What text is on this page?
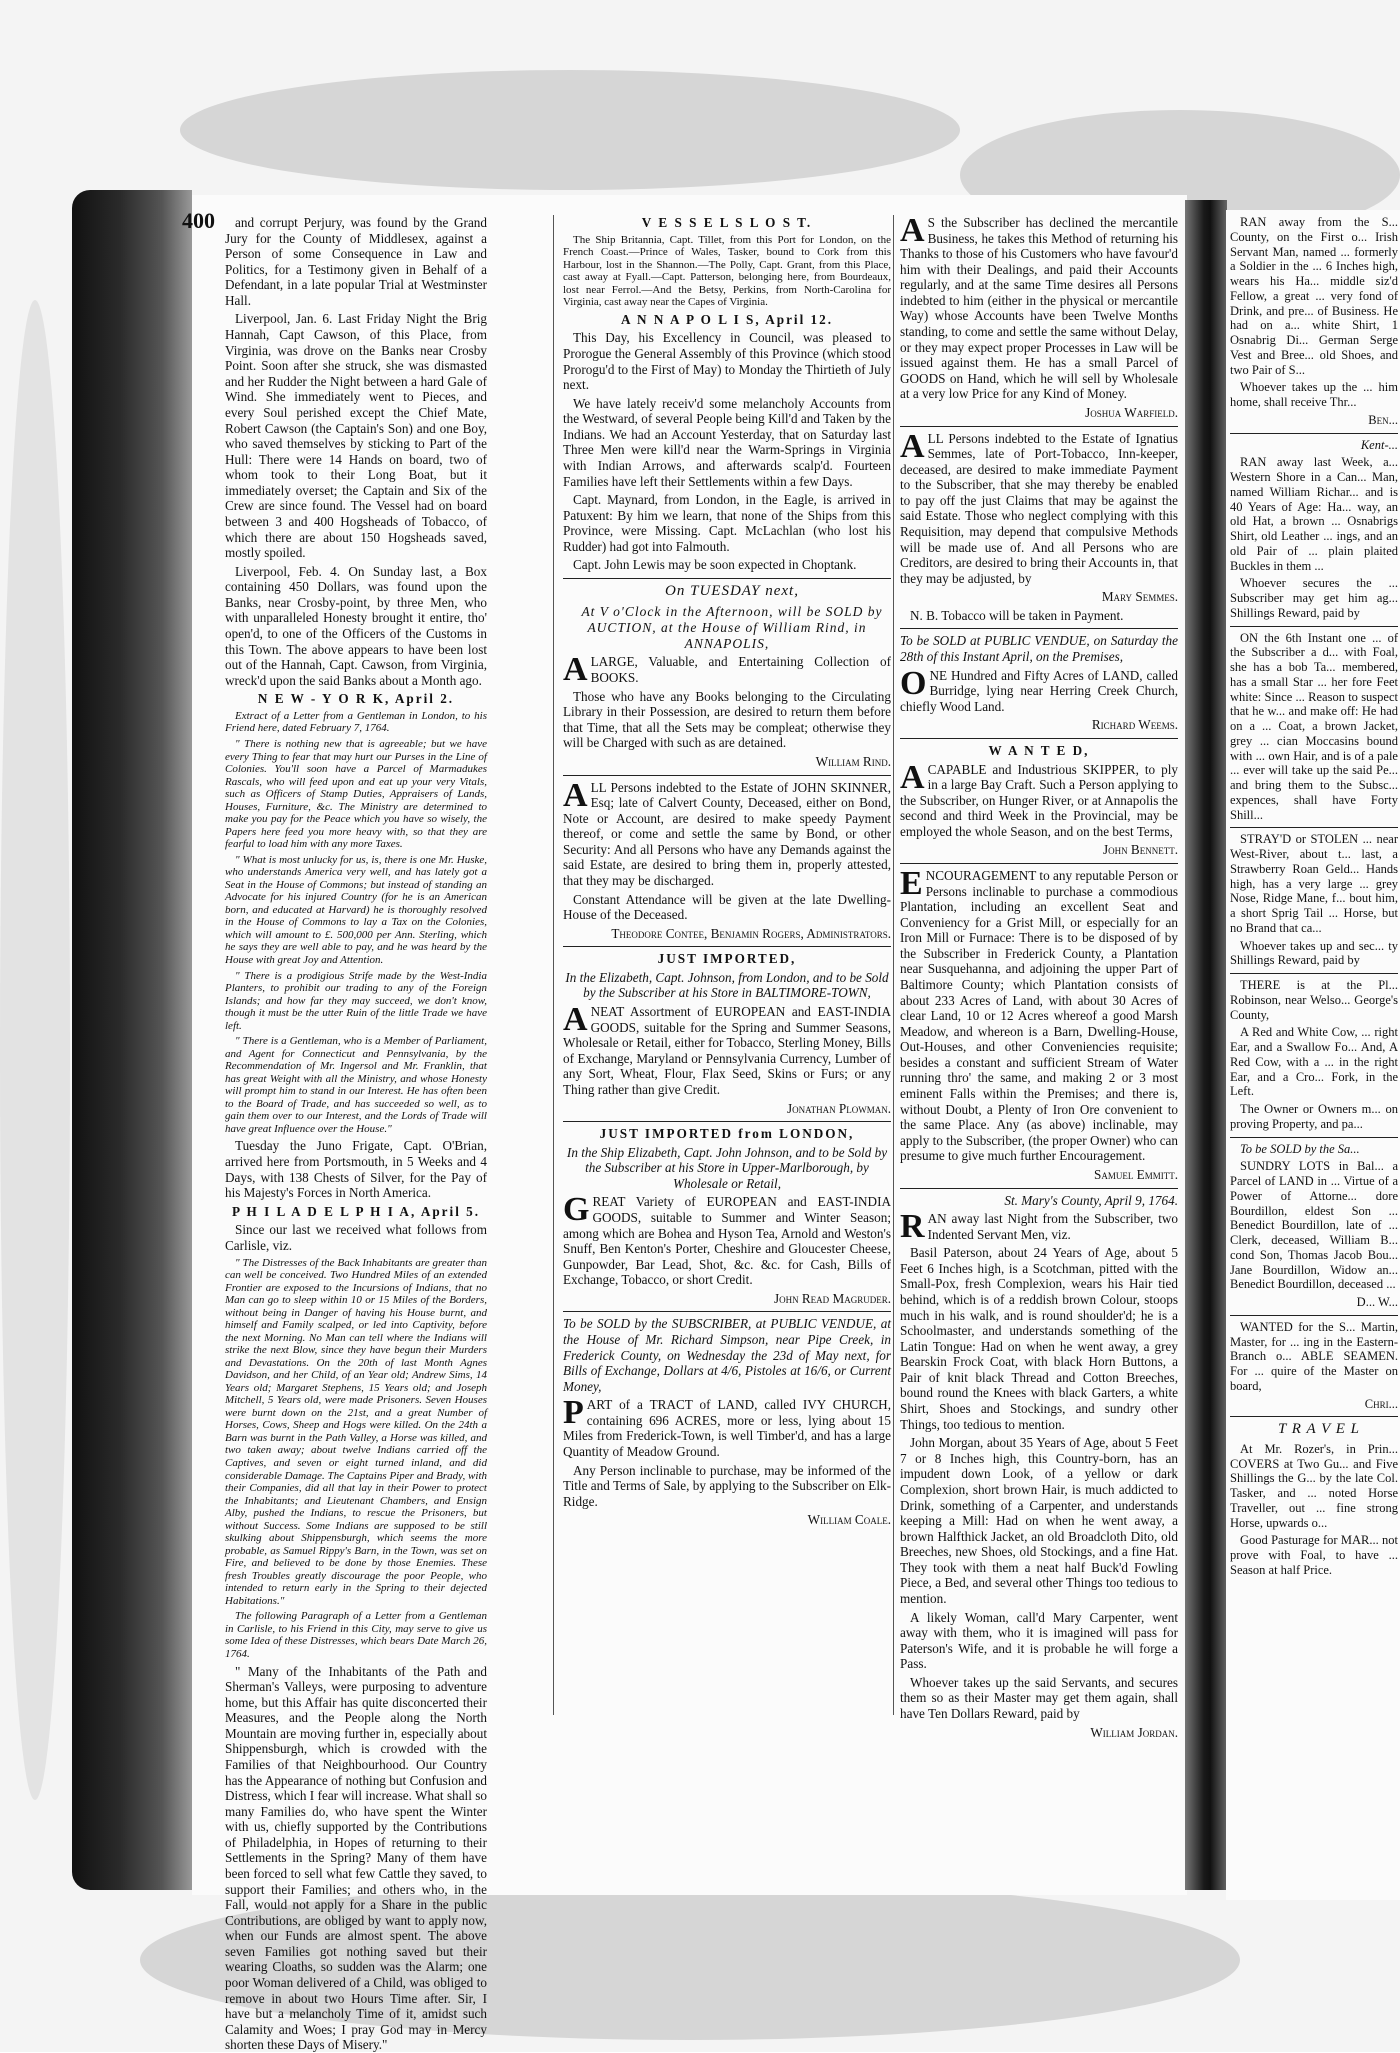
400	and corrupt Perjury, was found by the Grand Jury for the County of Middlesex, against a Person of some Consequence in Law and Politics, for a Testimony given in Behalf of a Defendant, in a late popular Trial at Westminster Hall.

Liverpool, Jan. 6. Last Friday Night the Brig Hannah, Capt Cawson, of this Place, from Virginia, was drove on the Banks near Crosby Point. Soon after she struck, she was dismasted and her Rudder the Night between a hard Gale of Wind. She immediately went to Pieces, and every Soul perished except the Chief Mate, Robert Cawson (the Captain's Son) and one Boy, who saved themselves by sticking to Part of the Hull: There were 14 Hands on board, two of whom took to their Long Boat, but it immediately overset; the Captain and Six of the Crew are since found. The Vessel had on board between 3 and 400 Hogsheads of Tobacco, of which there are about 150 Hogsheads saved, mostly spoiled.

Liverpool, Feb. 4. On Sunday last, a Box containing 450 Dollars, was found upon the Banks, near Crosby-point, by three Men, who with unparalleled Honesty brought it entire, tho' open'd, to one of the Officers of the Customs in this Town. The above appears to have been lost out of the Hannah, Capt. Cawson, from Virginia, wreck'd upon the said Banks about a Month ago.

N E W - Y O R K, April 2.

Extract of a Letter from a Gentleman in London, to his Friend here, dated February 7, 1764.

" There is nothing new that is agreeable; but we have every Thing to fear that may hurt our Purses in the Line of Colonies. You'll soon have a Parcel of Marmadukes Rascals, who will feed upon and eat up your very Vitals, such as Officers of Stamp Duties, Appraisers of Lands, Houses, Furniture, &c. The Ministry are determined to make you pay for the Peace which you have so wisely, the Papers here feed you more heavy with, so that they are fearful to load him with any more Taxes.

" What is most unlucky for us, is, there is one Mr. Huske, who understands America very well, and has lately got a Seat in the House of Commons; but instead of standing an Advocate for his injured Country (for he is an American born, and educated at Harvard) he is thoroughly resolved in the House of Commons to lay a Tax on the Colonies, which will amount to £. 500,000 per Ann. Sterling, which he says they are well able to pay, and he was heard by the House with great Joy and Attention.

" There is a prodigious Strife made by the West-India Planters, to prohibit our trading to any of the Foreign Islands; and how far they may succeed, we don't know, though it must be the utter Ruin of the little Trade we have left.

" There is a Gentleman, who is a Member of Parliament, and Agent for Connecticut and Pennsylvania, by the Recommendation of Mr. Ingersol and Mr. Franklin, that has great Weight with all the Ministry, and whose Honesty will prompt him to stand in our Interest. He has often been to the Board of Trade, and has succeeded so well, as to gain them over to our Interest, and the Lords of Trade will have great Influence over the House."

Tuesday the Juno Frigate, Capt. O'Brian, arrived here from Portsmouth, in 5 Weeks and 4 Days, with 138 Chests of Silver, for the Pay of his Majesty's Forces in North America.

P H I L A D E L P H I A, April 5.

Since our last we received what follows from Carlisle, viz.

" The Distresses of the Back Inhabitants are greater than can well be conceived. Two Hundred Miles of an extended Frontier are exposed to the Incursions of Indians, that no Man can go to sleep within 10 or 15 Miles of the Borders, without being in Danger of having his House burnt, and himself and Family scalped, or led into Captivity, before the next Morning. No Man can tell where the Indians will strike the next Blow, since they have begun their Murders and Devastations. On the 20th of last Month Agnes Davidson, and her Child, of an Year old; Andrew Sims, 14 Years old; Margaret Stephens, 15 Years old; and Joseph Mitchell, 5 Years old, were made Prisoners. Seven Houses were burnt down on the 21st, and a great Number of Horses, Cows, Sheep and Hogs were killed. On the 24th a Barn was burnt in the Path Valley, a Horse was killed, and two taken away; about twelve Indians carried off the Captives, and seven or eight turned inland, and did considerable Damage. The Captains Piper and Brady, with their Companies, did all that lay in their Power to protect the Inhabitants; and Lieutenant Chambers, and Ensign Alby, pushed the Indians, to rescue the Prisoners, but without Success. Some Indians are supposed to be still skulking about Shippensburgh, which seems the more probable, as Samuel Rippy's Barn, in the Town, was set on Fire, and believed to be done by those Enemies. These fresh Troubles greatly discourage the poor People, who intended to return early in the Spring to their dejected Habitations."

The following Paragraph of a Letter from a Gentleman in Carlisle, to his Friend in this City, may serve to give us some Idea of these Distresses, which bears Date March 26, 1764.

" Many of the Inhabitants of the Path and Sherman's Valleys, were purposing to adventure home, but this Affair has quite disconcerted their Measures, and the People along the North Mountain are moving further in, especially about Shippensburgh, which is crowded with the Families of that Neighbourhood. Our Country has the Appearance of nothing but Confusion and Distress, which I fear will increase. What shall so many Families do, who have spent the Winter with us, chiefly supported by the Contributions of Philadelphia, in Hopes of returning to their Settlements in the Spring? Many of them have been forced to sell what few Cattle they saved, to support their Families; and others who, in the Fall, would not apply for a Share in the public Contributions, are obliged by want to apply now, when our Funds are almost spent. The above seven Families got nothing saved but their wearing Cloaths, so sudden was the Alarm; one poor Woman delivered of a Child, was obliged to remove in about two Hours Time after. Sir, I have but a melancholy Time of it, amidst such Calamity and Woes; I pray God may in Mercy shorten these Days of Misery."

V E S S E L S L O S T.

The Ship Britannia, Capt. Tillet, from this Port for London, on the French Coast.—Prince of Wales, Tasker, bound to Cork from this Harbour, lost in the Shannon.—The Polly, Capt. Grant, from this Place, cast away at Fyall.—Capt. Patterson, belonging here, from Bourdeaux, lost near Ferrol.—And the Betsy, Perkins, from North-Carolina for Virginia, cast away near the Capes of Virginia.

A N N A P O L I S, April 12.

This Day, his Excellency in Council, was pleased to Prorogue the General Assembly of this Province (which stood Prorogu'd to the First of May) to Monday the Thirtieth of July next.

We have lately receiv'd some melancholy Accounts from the Westward, of several People being Kill'd and Taken by the Indians. We had an Account Yesterday, that on Saturday last Three Men were kill'd near the Warm-Springs in Virginia with Indian Arrows, and afterwards scalp'd. Fourteen Families have left their Settlements within a few Days.

Capt. Maynard, from London, in the Eagle, is arrived in Patuxent: By him we learn, that none of the Ships from this Province, were Missing. Capt. McLachlan (who lost his Rudder) had got into Falmouth.

Capt. John Lewis may be soon expected in Choptank.

On TUESDAY next,

At V o'Clock in the Afternoon, will be SOLD by AUCTION, at the House of William Rind, in ANNAPOLIS,

ALARGE, Valuable, and Entertaining Collection of BOOKS.

Those who have any Books belonging to the Circulating Library in their Possession, are desired to return them before that Time, that all the Sets may be compleat; otherwise they will be Charged with such as are detained.

William Rind.

ALL Persons indebted to the Estate of JOHN SKINNER, Esq; late of Calvert County, Deceased, either on Bond, Note or Account, are desired to make speedy Payment thereof, or come and settle the same by Bond, or other Security: And all Persons who have any Demands against the said Estate, are desired to bring them in, properly attested, that they may be discharged.

Constant Attendance will be given at the late Dwelling-House of the Deceased.

Theodore Contee, Benjamin Rogers, Administrators.

JUST IMPORTED,

In the Elizabeth, Capt. Johnson, from London, and to be Sold by the Subscriber at his Store in BALTIMORE-TOWN,

ANEAT Assortment of EUROPEAN and EAST-INDIA GOODS, suitable for the Spring and Summer Seasons, Wholesale or Retail, either for Tobacco, Sterling Money, Bills of Exchange, Maryland or Pennsylvania Currency, Lumber of any Sort, Wheat, Flour, Flax Seed, Skins or Furs; or any Thing rather than give Credit.

Jonathan Plowman.

JUST IMPORTED from LONDON,

In the Ship Elizabeth, Capt. John Johnson, and to be Sold by the Subscriber at his Store in Upper-Marlborough, by Wholesale or Retail,

GREAT Variety of EUROPEAN and EAST-INDIA GOODS, suitable to Summer and Winter Season; among which are Bohea and Hyson Tea, Arnold and Weston's Snuff, Ben Kenton's Porter, Cheshire and Gloucester Cheese, Gunpowder, Bar Lead, Shot, &c. &c. for Cash, Bills of Exchange, Tobacco, or short Credit.

John Read Magruder.

To be SOLD by the SUBSCRIBER, at PUBLIC VENDUE, at the House of Mr. Richard Simpson, near Pipe Creek, in Frederick County, on Wednesday the 23d of May next, for Bills of Exchange, Dollars at 4/6, Pistoles at 16/6, or Current Money,

PART of a TRACT of LAND, called IVY CHURCH, containing 696 ACRES, more or less, lying about 15 Miles from Frederick-Town, is well Timber'd, and has a large Quantity of Meadow Ground.

Any Person inclinable to purchase, may be informed of the Title and Terms of Sale, by applying to the Subscriber on Elk-Ridge.

William Coale.

A S the Subscriber has declined the mercantile Business, he takes this Method of returning his Thanks to those of his Customers who have favour'd him with their Dealings, and paid their Accounts regularly, and at the same Time desires all Persons indebted to him (either in the physical or mercantile Way) whose Accounts have been Twelve Months standing, to come and settle the same without Delay, or they may expect proper Processes in Law will be issued against them. He has a small Parcel of GOODS on Hand, which he will sell by Wholesale at a very low Price for any Kind of Money.

Joshua Warfield.

ALL Persons indebted to the Estate of Ignatius Semmes, late of Port-Tobacco, Inn-keeper, deceased, are desired to make immediate Payment to the Subscriber, that she may thereby be enabled to pay off the just Claims that may be against the said Estate. Those who neglect complying with this Requisition, may depend that compulsive Methods will be made use of. And all Persons who are Creditors, are desired to bring their Accounts in, that they may be adjusted, by

Mary Semmes.

N. B. Tobacco will be taken in Payment.

To be SOLD at PUBLIC VENDUE, on Saturday the 28th of this Instant April, on the Premises,

ONE Hundred and Fifty Acres of LAND, called Burridge, lying near Herring Creek Church, chiefly Wood Land.

Richard Weems.

W A N T E D,

ACAPABLE and Industrious SKIPPER, to ply in a large Bay Craft. Such a Person applying to the Subscriber, on Hunger River, or at Annapolis the second and third Week in the Provincial, may be employed the whole Season, and on the best Terms,

John Bennett.

ENCOURAGEMENT to any reputable Person or Persons inclinable to purchase a commodious Plantation, including an excellent Seat and Conveniency for a Grist Mill, or especially for an Iron Mill or Furnace: There is to be disposed of by the Subscriber in Frederick County, a Plantation near Susquehanna, and adjoining the upper Part of Baltimore County; which Plantation consists of about 233 Acres of Land, with about 30 Acres of clear Land, 10 or 12 Acres whereof a good Marsh Meadow, and whereon is a Barn, Dwelling-House, Out-Houses, and other Conveniencies requisite; besides a constant and sufficient Stream of Water running thro' the same, and making 2 or 3 most eminent Falls within the Premises; and there is, without Doubt, a Plenty of Iron Ore convenient to the same Place. Any (as above) inclinable, may apply to the Subscriber, (the proper Owner) who can presume to give much further Encouragement.

Samuel Emmitt.

St. Mary's County, April 9, 1764.

RAN away last Night from the Subscriber, two Indented Servant Men, viz.

Basil Paterson, about 24 Years of Age, about 5 Feet 6 Inches high, is a Scotchman, pitted with the Small-Pox, fresh Complexion, wears his Hair tied behind, which is of a reddish brown Colour, stoops much in his walk, and is round shoulder'd; he is a Schoolmaster, and understands something of the Latin Tongue: Had on when he went away, a grey Bearskin Frock Coat, with black Horn Buttons, a Pair of knit black Thread and Cotton Breeches, bound round the Knees with black Garters, a white Shirt, Shoes and Stockings, and sundry other Things, too tedious to mention.

John Morgan, about 35 Years of Age, about 5 Feet 7 or 8 Inches high, this Country-born, has an impudent down Look, of a yellow or dark Complexion, short brown Hair, is much addicted to Drink, something of a Carpenter, and understands keeping a Mill: Had on when he went away, a brown Halfthick Jacket, an old Broadcloth Dito, old Breeches, new Shoes, old Stockings, and a fine Hat. They took with them a neat half Buck'd Fowling Piece, a Bed, and several other Things too tedious to mention.

A likely Woman, call'd Mary Carpenter, went away with them, who it is imagined will pass for Paterson's Wife, and it is probable he will forge a Pass.

Whoever takes up the said Servants, and secures them so as their Master may get them again, shall have Ten Dollars Reward, paid by

William Jordan.

RAN away from the S... County, on the First o... Irish Servant Man, named ... formerly a Soldier in the ... 6 Inches high, wears his Ha... middle siz'd Fellow, a great ... very fond of Drink, and pre... of Business. He had on a... white Shirt, 1 Osnabrig Di... German Serge Vest and Bree... old Shoes, and two Pair of S...

Whoever takes up the ... him home, shall receive Thr...

Ben...

Kent-...

RAN away last Week, a... Western Shore in a Can... Man, named William Richar... and is 40 Years of Age: Ha... way, an old Hat, a brown ... Osnabrigs Shirt, old Leather ... ings, and an old Pair of ... plain plaited Buckles in them ...

Whoever secures the ... Subscriber may get him ag... Shillings Reward, paid by

ON the 6th Instant one ... of the Subscriber a d... with Foal, she has a bob Ta... membered, has a small Star ... her fore Feet white: Since ... Reason to suspect that he w... and make off: He had on a ... Coat, a brown Jacket, grey ... cian Moccasins bound with ... own Hair, and is of a pale ... ever will take up the said Pe... and bring them to the Subsc... expences, shall have Forty Shill...

STRAY'D or STOLEN ... near West-River, about t... last, a Strawberry Roan Geld... Hands high, has a very large ... grey Nose, Ridge Mane, f... bout him, a short Sprig Tail ... Horse, but no Brand that ca...

Whoever takes up and sec... ty Shillings Reward, paid by

THERE is at the Pl... Robinson, near Welso... George's County,

A Red and White Cow, ... right Ear, and a Swallow Fo... And, A Red Cow, with a ... in the right Ear, and a Cro... Fork, in the Left.

The Owner or Owners m... on proving Property, and pa...

To be SOLD by the Sa...

SUNDRY LOTS in Bal... a Parcel of LAND in ... Virtue of a Power of Attorne... dore Bourdillon, eldest Son ... Benedict Bourdillon, late of ... Clerk, deceased, William B... cond Son, Thomas Jacob Bou... Jane Bourdillon, Widow an... Benedict Bourdillon, deceased ...

D... W...

WANTED for the S... Martin, Master, for ... ing in the Eastern-Branch o... ABLE SEAMEN. For ... quire of the Master on board,

Chri...

T R A V E L

At Mr. Rozer's, in Prin... COVERS at Two Gu... and Five Shillings the G... by the late Col. Tasker, and ... noted Horse Traveller, out ... fine strong Horse, upwards o...

Good Pasturage for MAR... not prove with Foal, to have ... Season at half Price.
